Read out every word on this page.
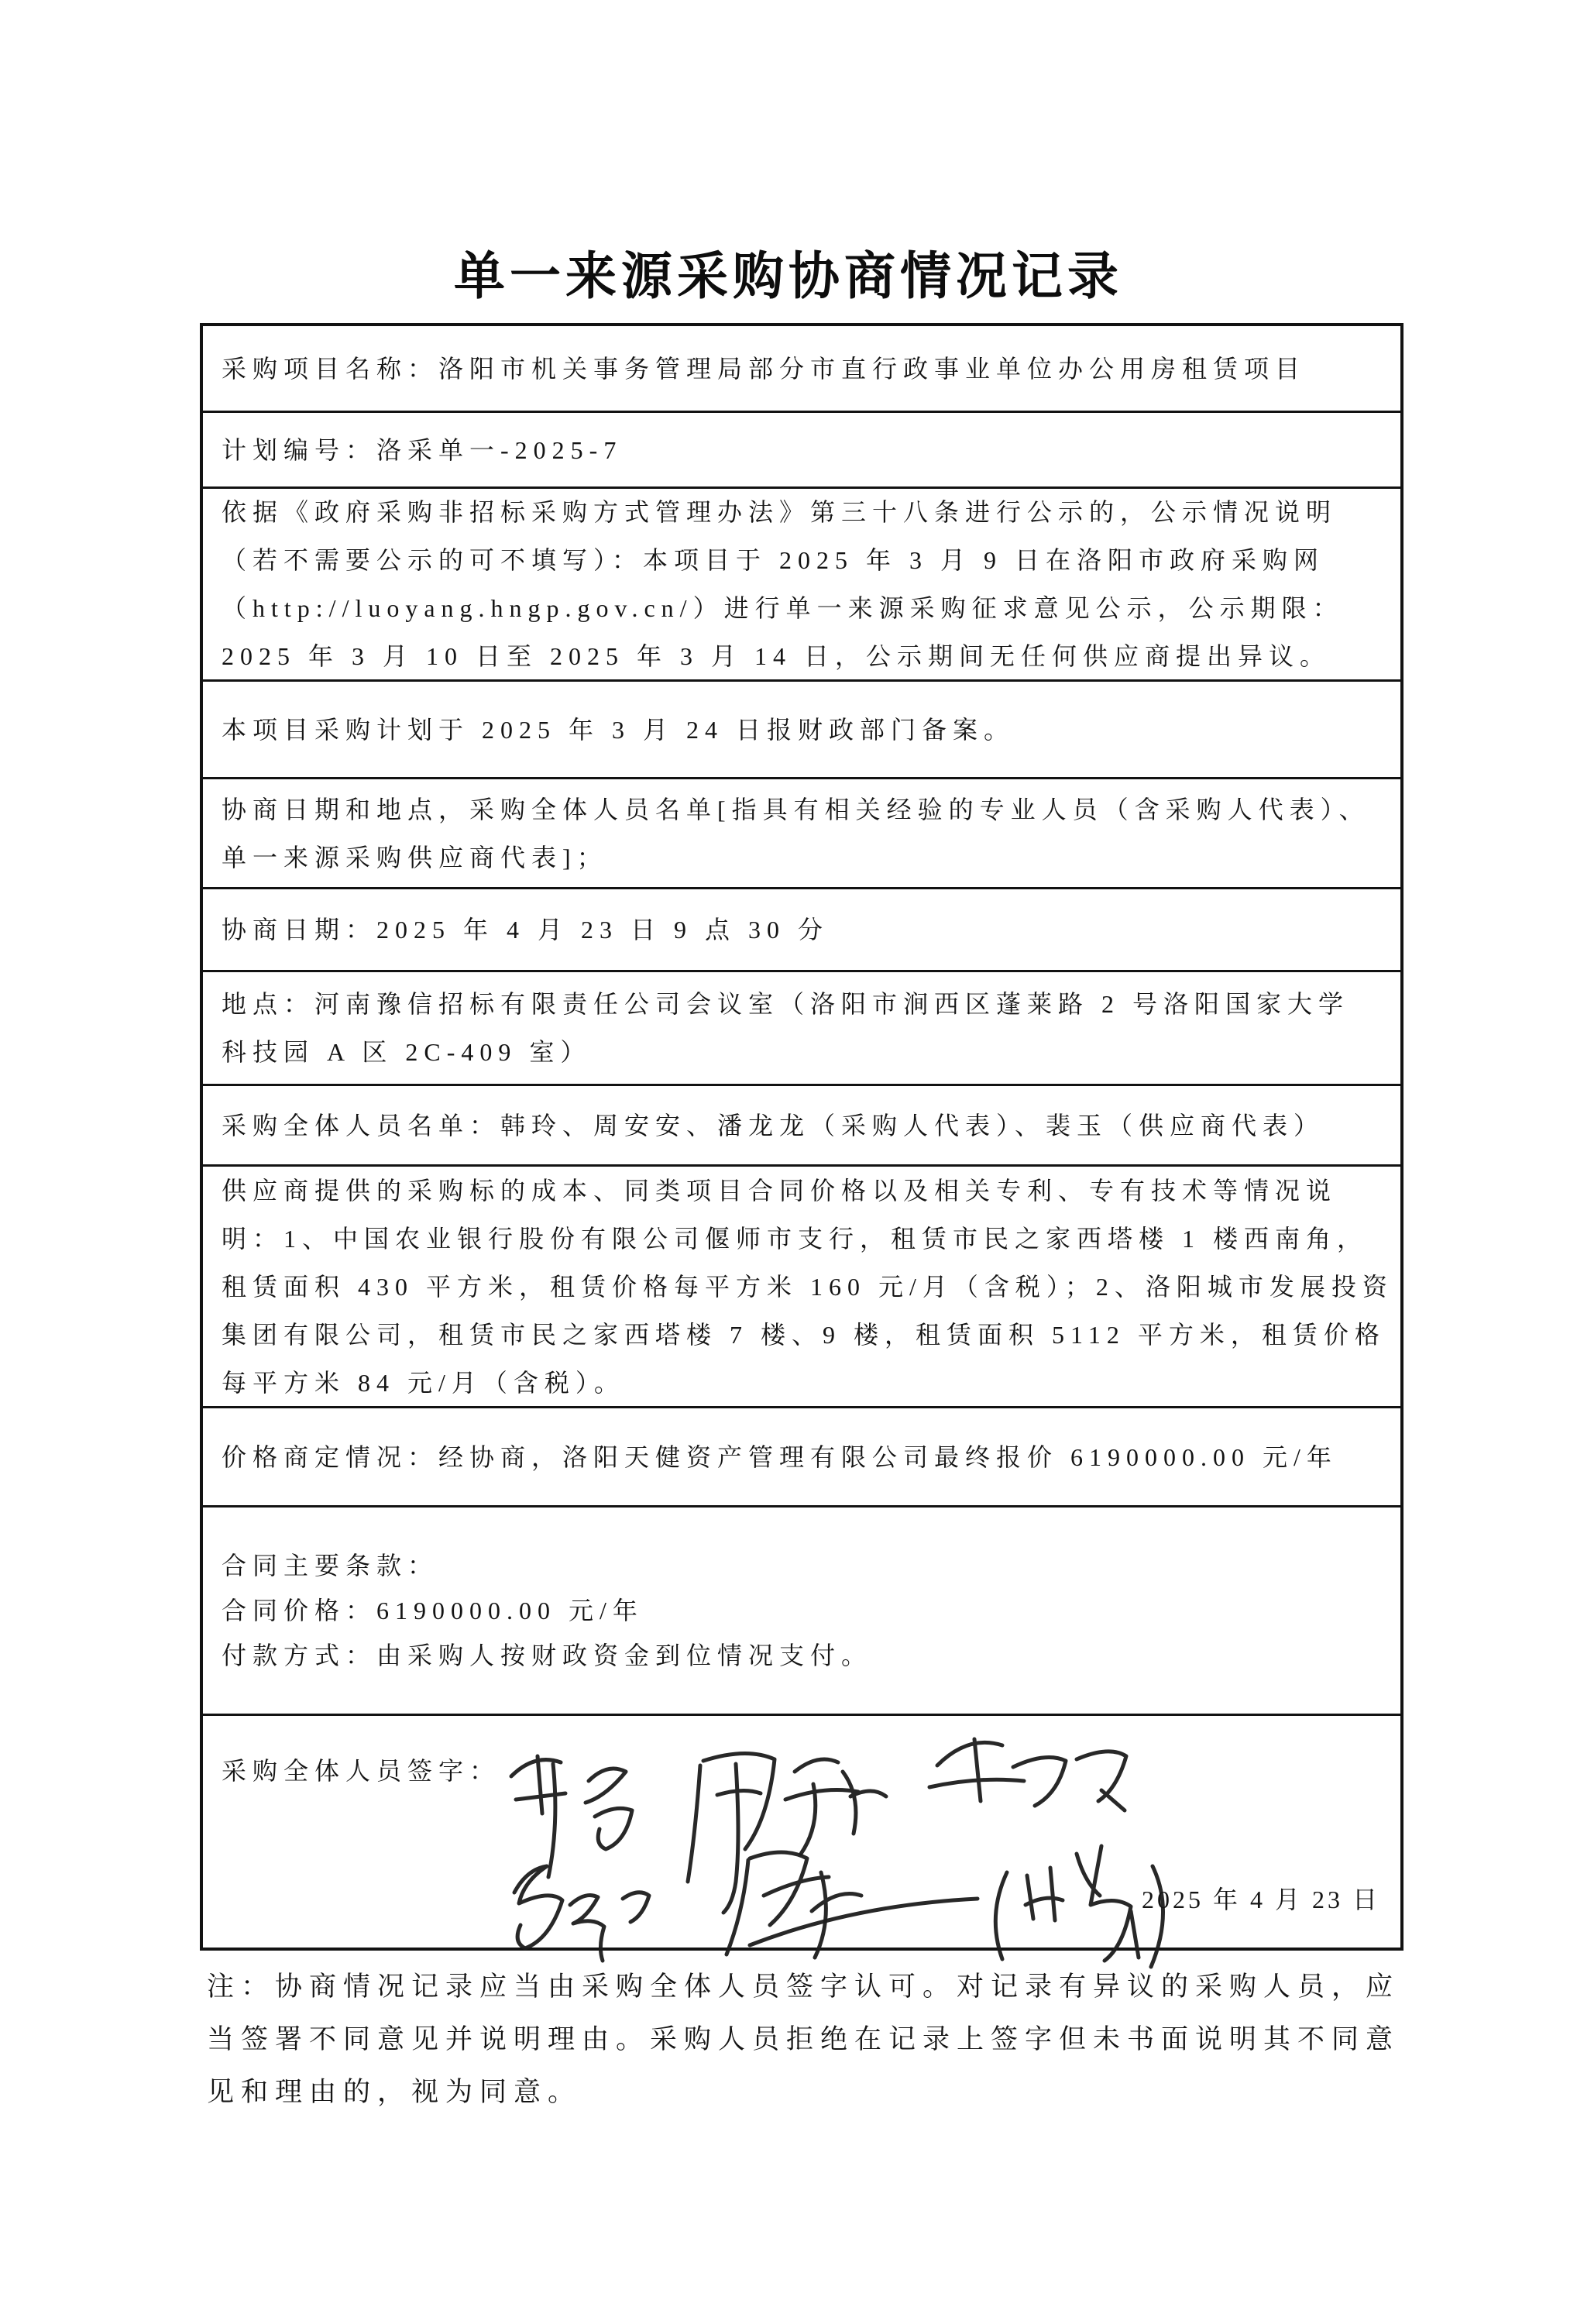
单一来源采购协商情况记录
采购项目名称：洛阳市机关事务管理局部分市直行政事业单位办公用房租赁项目
计划编号：洛采单一-2025-7
依据《政府采购非招标采购方式管理办法》第三十八条进行公示的，公示情况说明
（若不需要公示的可不填写）：本项目于 2025 年 3 月 9 日在洛阳市政府采购网
（http://luoyang.hngp.gov.cn/）进行单一来源采购征求意见公示，公示期限：
2025 年 3 月 10 日至 2025 年 3 月 14 日，公示期间无任何供应商提出异议。
本项目采购计划于 2025 年 3 月 24 日报财政部门备案。
协商日期和地点，采购全体人员名单[指具有相关经验的专业人员（含采购人代表）、
单一来源采购供应商代表]；
协商日期：2025 年 4 月 23 日 9 点 30 分
地点：河南豫信招标有限责任公司会议室（洛阳市涧西区蓬莱路 2 号洛阳国家大学
科技园 A 区 2C-409 室）
采购全体人员名单：韩玲、周安安、潘龙龙（采购人代表）、裴玉（供应商代表）
供应商提供的采购标的成本、同类项目合同价格以及相关专利、专有技术等情况说
明：1、中国农业银行股份有限公司偃师市支行，租赁市民之家西塔楼 1 楼西南角，
租赁面积 430 平方米，租赁价格每平方米 160 元/月（含税）；2、洛阳城市发展投资
集团有限公司，租赁市民之家西塔楼 7 楼、9 楼，租赁面积 5112 平方米，租赁价格
每平方米 84 元/月（含税）。
价格商定情况：经协商，洛阳天健资产管理有限公司最终报价 6190000.00 元/年
合同主要条款：
合同价格：6190000.00 元/年
付款方式：由采购人按财政资金到位情况支付。
采购全体人员签字：
2025 年 4 月 23 日
注：协商情况记录应当由采购全体人员签字认可。对记录有异议的采购人员，应
当签署不同意见并说明理由。采购人员拒绝在记录上签字但未书面说明其不同意
见和理由的，视为同意。
